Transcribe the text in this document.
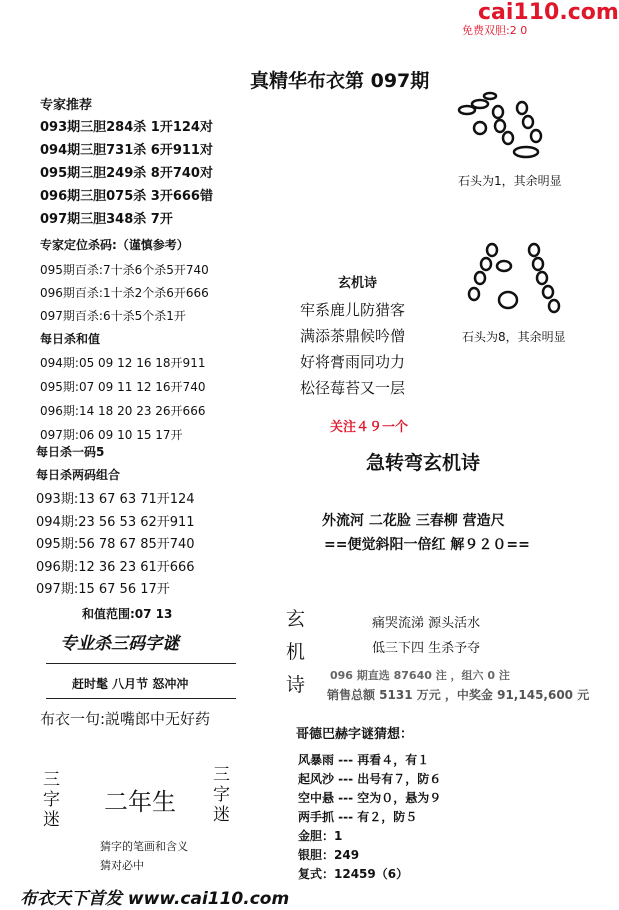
cai110.com
免费双胆:2 0
真精华布衣第 097期
专家推荐
093期三胆284杀 1开124对
094期三胆731杀 6开911对
095期三胆249杀 8开740对
096期三胆075杀 3开666错
097期三胆348杀 7开
专家定位杀码:（谨慎参考）
095期百杀:7十杀6个杀5开740
096期百杀:1十杀2个杀6开666
097期百杀:6十杀5个杀1开
每日杀和值
094期:05 09 12 16 18开911
095期:07 09 11 12 16开740
096期:14 18 20 23 26开666
097期:06 09 10 15 17开
每日杀一码5
每日杀两码组合
093期:13 67 63 71开124
094期:23 56 53 62开911
095期:56 78 67 85开740
096期:12 36 23 61开666
097期:15 67 56 17开
和值范围:07 13
专业杀三码字谜
赶时髦 八月节 怒冲冲
布衣一句:説嘴郎中无好药
三字迷
二年生
三字迷
猜字的笔画和含义
猜对必中
布衣天下首发 www.cai110.com
石头为1，其余明显
石头为8，其余明显
玄机诗
牢系鹿儿防猎客
满添茶鼎候吟僧
好将膏雨同功力
松径莓苔又一层
关注４９一个
急转弯玄机诗
外流河 二花脸 三春柳 营造尺
==便觉斜阳一倍红 解９２０==
玄机诗
痛哭流涕 源头活水
低三下四 生杀予夺
096 期直选 87640 注 ，组六 0 注
销售总额 5131 万元 ，中奖金 91,145,600 元
哥德巴赫字谜猜想：
风暴雨 --- 再看４，有１
起风沙 --- 出号有７，防６
空中悬 --- 空为０，悬为９
两手抓 --- 有２，防５
金胆：1
银胆：249
复式：12459（6）
